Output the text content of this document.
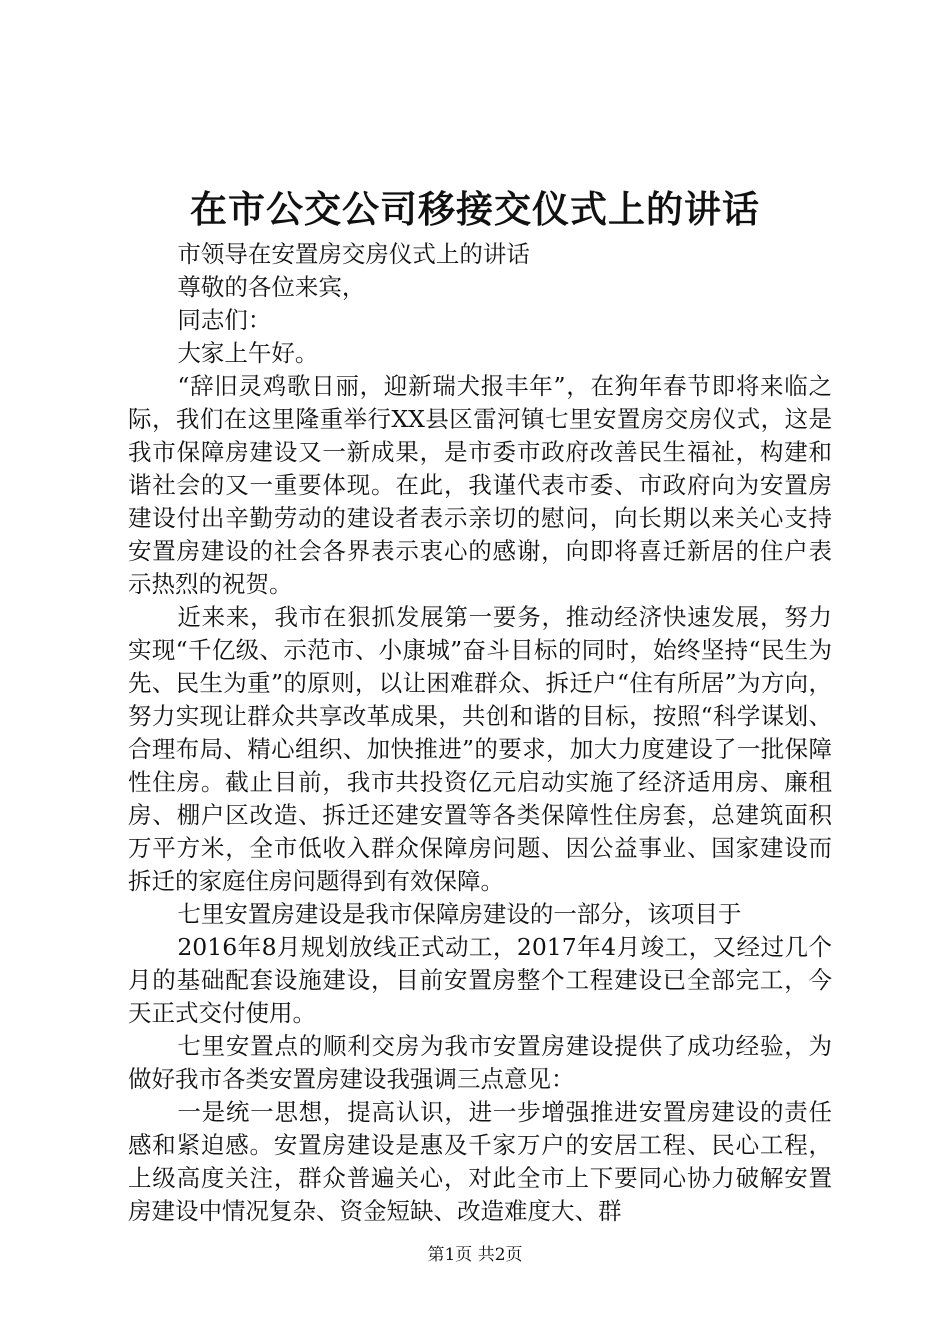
在市公交公司移接交仪式上的讲话

市领导在安置房交房仪式上的讲话

尊敬的各位来宾，

同志们：

大家上午好。

“辞旧灵鸡歌日丽，迎新瑞犬报丰年”，在狗年春节即将来临之际，我们在这里隆重举行XX县区雷河镇七里安置房交房仪式，这是我市保障房建设又一新成果，是市委市政府改善民生福祉，构建和谐社会的又一重要体现。在此，我谨代表市委、市政府向为安置房建设付出辛勤劳动的建设者表示亲切的慰问，向长期以来关心支持安置房建设的社会各界表示衷心的感谢，向即将喜迁新居的住户表示热烈的祝贺。

近来来，我市在狠抓发展第一要务，推动经济快速发展，努力实现“千亿级、示范市、小康城”奋斗目标的同时，始终坚持“民生为先、民生为重”的原则，以让困难群众、拆迁户“住有所居”为方向，努力实现让群众共享改革成果，共创和谐的目标，按照“科学谋划、合理布局、精心组织、加快推进”的要求，加大力度建设了一批保障性住房。截止目前，我市共投资亿元启动实施了经济适用房、廉租房、棚户区改造、拆迁还建安置等各类保障性住房套，总建筑面积万平方米，全市低收入群众保障房问题、因公益事业、国家建设而拆迁的家庭住房问题得到有效保障。

七里安置房建设是我市保障房建设的一部分，该项目于

2016年8月规划放线正式动工，2017年4月竣工，又经过几个月的基础配套设施建设，目前安置房整个工程建设已全部完工，今天正式交付使用。

七里安置点的顺利交房为我市安置房建设提供了成功经验，为做好我市各类安置房建设我强调三点意见：

一是统一思想，提高认识，进一步增强推进安置房建设的责任感和紧迫感。安置房建设是惠及千家万户的安居工程、民心工程，上级高度关注，群众普遍关心，对此全市上下要同心协力破解安置房建设中情况复杂、资金短缺、改造难度大、群

第1页 共2页
